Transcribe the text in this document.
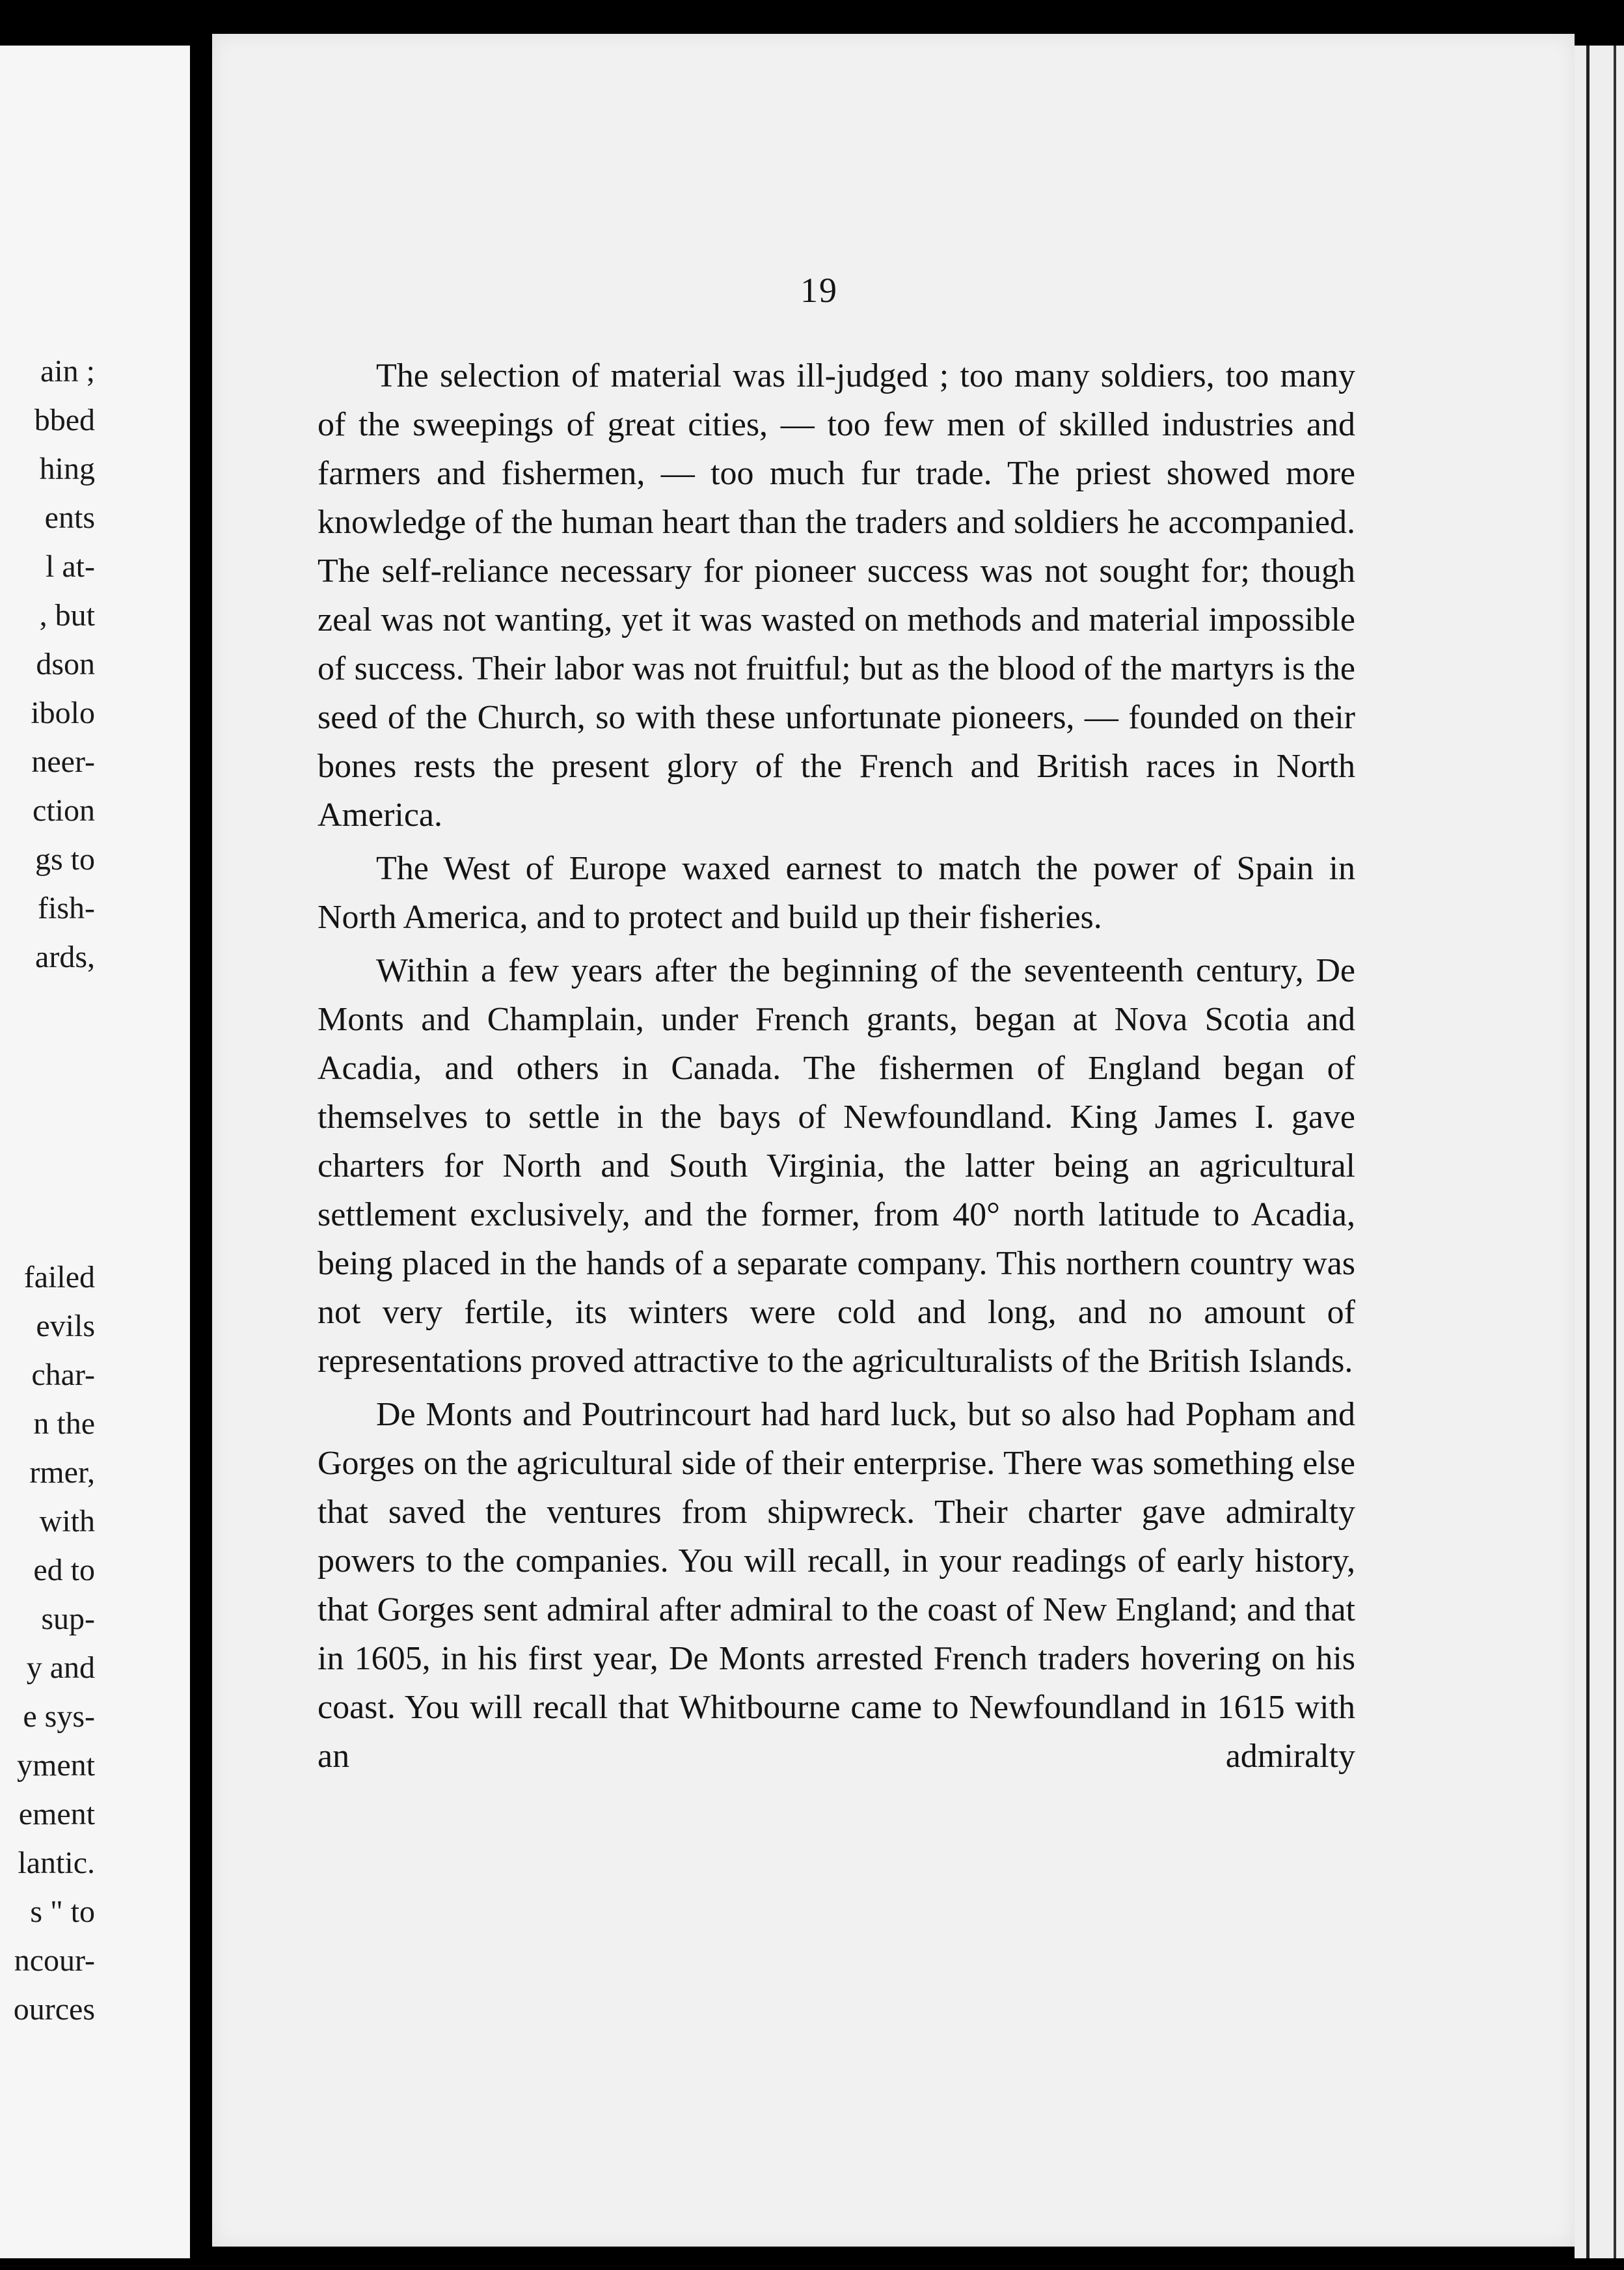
ain ;
bbed
hing
ents
l at-
, but
dson
ibolo
neer-
ction
gs to
fish-
ards,
failed
evils
char-
n the
rmer,
with
ed to
sup-
y and
e sys-
yment
ement
lantic.
s " to
ncour-
ources
19

The selection of material was ill-judged ; too many soldiers, too many of the sweepings of great cities, — too few men of skilled industries and farmers and fishermen, — too much fur trade. The priest showed more knowledge of the human heart than the traders and soldiers he accompanied. The self-reliance necessary for pioneer success was not sought for; though zeal was not wanting, yet it was wasted on methods and material impossible of success. Their labor was not fruitful; but as the blood of the martyrs is the seed of the Church, so with these unfortunate pioneers, — founded on their bones rests the present glory of the French and British races in North America.

The West of Europe waxed earnest to match the power of Spain in North America, and to protect and build up their fisheries.

Within a few years after the beginning of the seventeenth century, De Monts and Champlain, under French grants, began at Nova Scotia and Acadia, and others in Canada. The fishermen of England began of themselves to settle in the bays of Newfoundland. King James I. gave charters for North and South Virginia, the latter being an agricultural settlement exclusively, and the former, from 40° north latitude to Acadia, being placed in the hands of a separate company. This northern country was not very fertile, its winters were cold and long, and no amount of representations proved attractive to the agriculturalists of the British Islands.

De Monts and Poutrincourt had hard luck, but so also had Popham and Gorges on the agricultural side of their enterprise. There was something else that saved the ventures from shipwreck. Their charter gave admiralty powers to the companies. You will recall, in your readings of early history, that Gorges sent admiral after admiral to the coast of New England; and that in 1605, in his first year, De Monts arrested French traders hovering on his coast. You will recall that Whitbourne came to Newfoundland in 1615 with an admiralty
